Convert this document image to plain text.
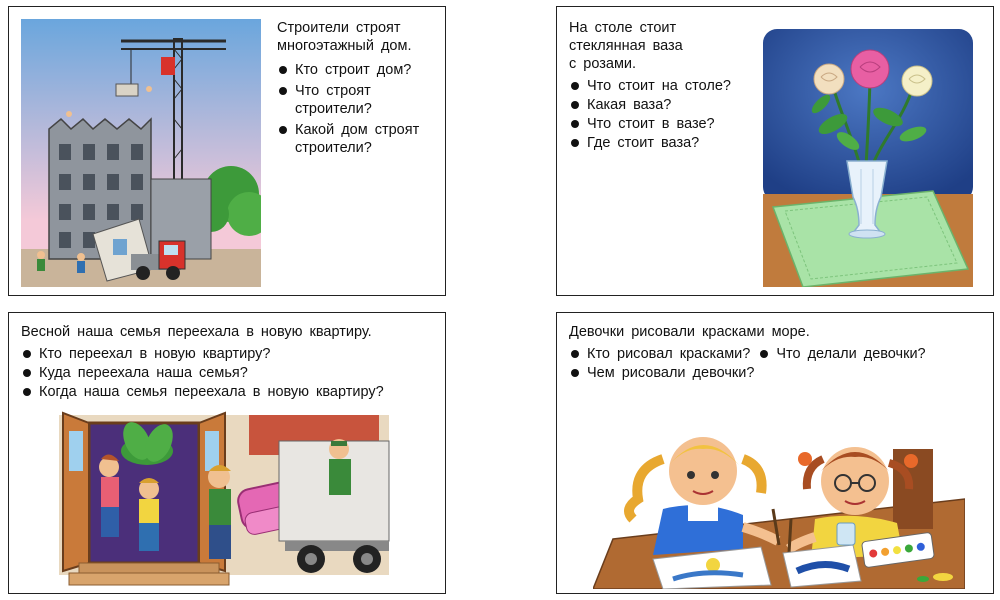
Строители строят
многоэтажный дом.
Кто строит дом?
Что строят
строители?
Какой дом строят
строители?
На столе стоит
стеклянная ваза
с розами.
Что стоит на столе?
Какая ваза?
Что стоит в вазе?
Где стоит ваза?
Весной наша семья переехала в новую квартиру.
Кто переехал в новую квартиру?
Куда переехала наша семья?
Когда наша семья переехала в новую квартиру?
Девочки рисовали красками море.
Кто рисовал красками?	Что делали девочки?
Чем рисовали девочки?
